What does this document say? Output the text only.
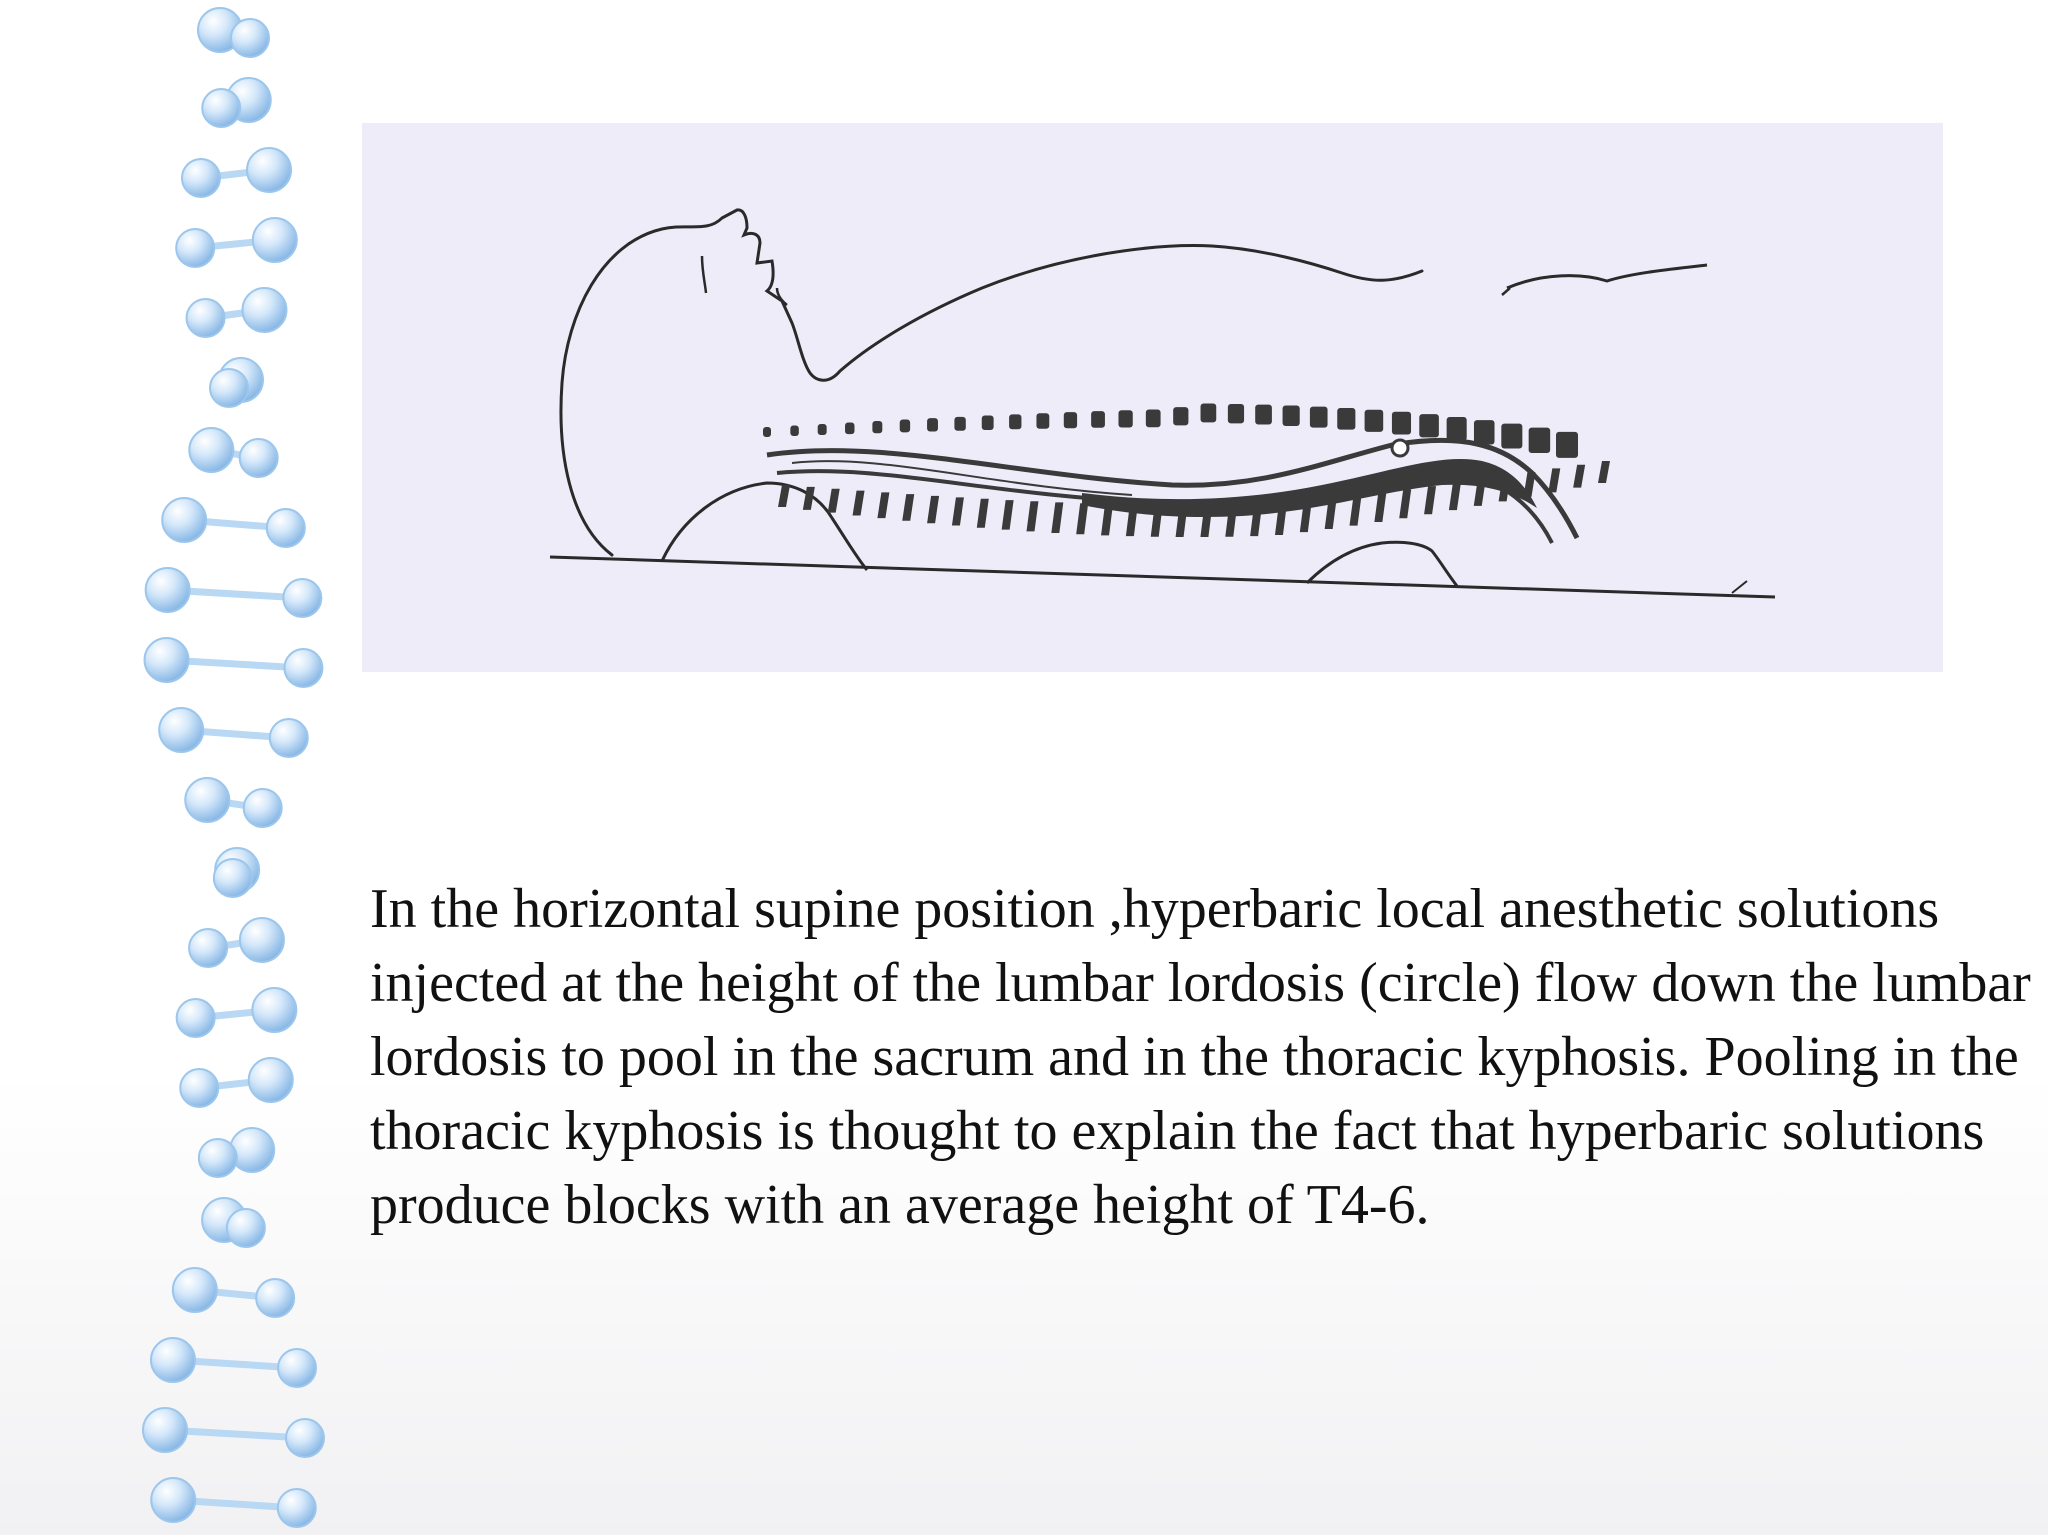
In the horizontal supine position ,hyperbaric local anesthetic solutions injected at the height of the lumbar lordosis (circle) flow down the lumbar lordosis to pool in the sacrum and in the thoracic kyphosis. Pooling in the thoracic kyphosis is thought to explain the fact that hyperbaric solutions produce blocks with an average height of T4-6.
